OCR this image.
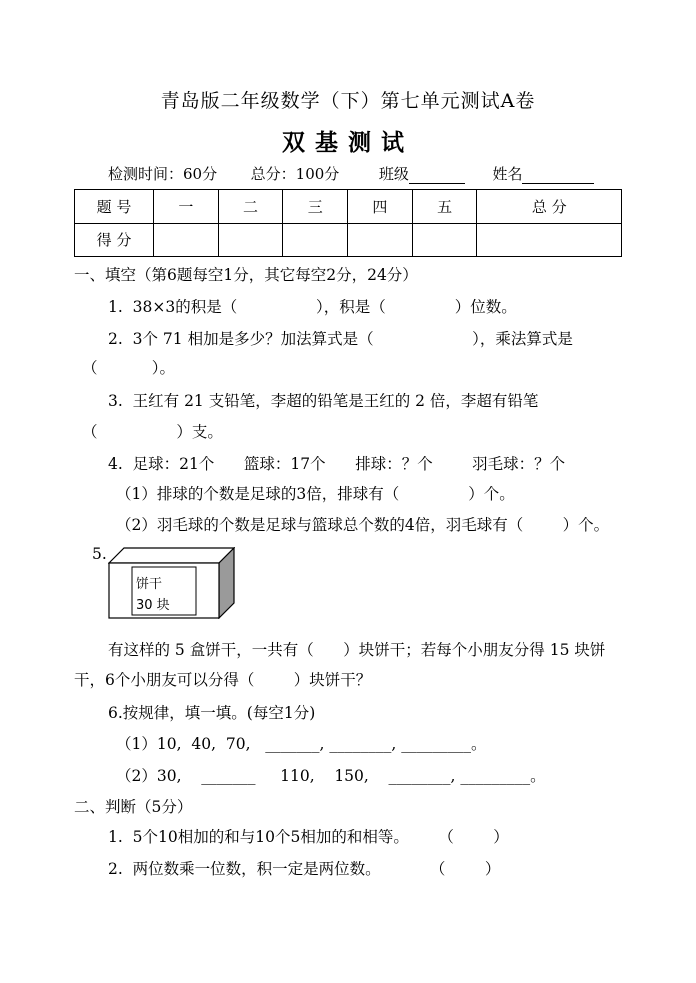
青岛版二年级数学（下）第七单元测试A卷
双基测试
检测时间：60分 总分：100分	班级	姓名
题 号	一	二	三	四	五	总 分
得 分						
一、填空（第6题每空1分，其它每空2分，24分）
1.  38×3的积是（                ），积是（              ）位数。
2.  3个 71 相加是多少？加法算式是（                    ），乘法算式是
（           ）。
3.  王红有 21 支铅笔，李超的铅笔是王红的 2 倍，李超有铅笔
（                ）支。
4.  足球：21个      篮球：17个      排球：？个        羽毛球：？个
（1）排球的个数是足球的3倍，排球有（              ）个。
（2）羽毛球的个数是足球与篮球总个数的4倍，羽毛球有（        ）个。
5.
饼干
30 块
有这样的 5 盒饼干，一共有（      ）块饼干；若每个小朋友分得 15 块饼
干，6个小朋友可以分得（        ）块饼干？
6.按规律，填一填。(每空1分)
（1）10,  40,  70,   _______, ________, _________。
（2）30,    _______     110,    150,    ________, _________。
二、判断（5分）
1.  5个10相加的和与10个5相加的和相等。      （        ）
2.  两位数乘一位数，积一定是两位数。          （        ）
